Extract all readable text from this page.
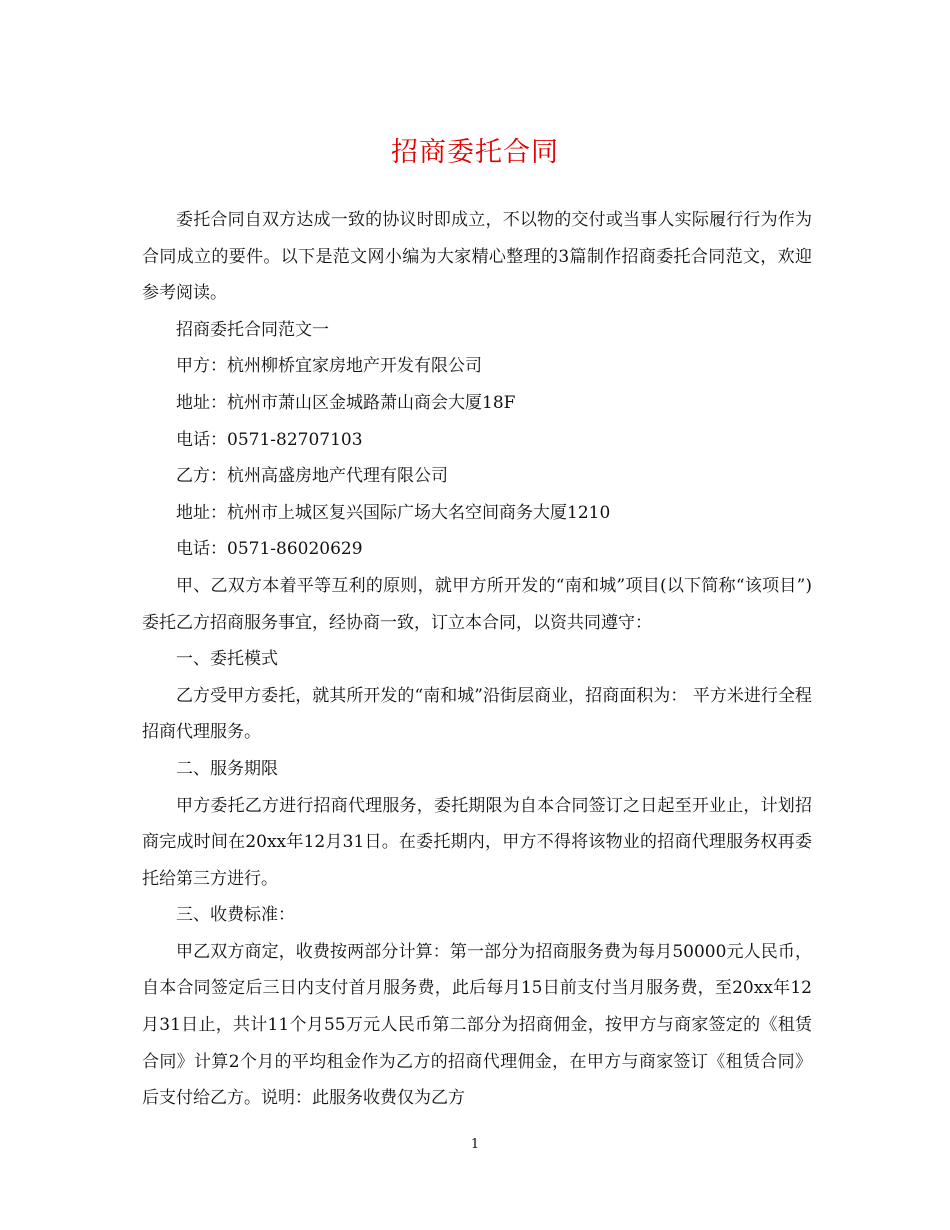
招商委托合同

委托合同自双方达成一致的协议时即成立，不以物的交付或当事人实际履行行为作为合同成立的要件。以下是范文网小编为大家精心整理的3篇制作招商委托合同范文，欢迎参考阅读。

招商委托合同范文一

甲方：杭州柳桥宜家房地产开发有限公司

地址：杭州市萧山区金城路萧山商会大厦18F

电话：0571-82707103

乙方：杭州高盛房地产代理有限公司

地址：杭州市上城区复兴国际广场大名空间商务大厦1210

电话：0571-86020629

甲、乙双方本着平等互利的原则，就甲方所开发的“南和城”项目(以下简称“该项目”)委托乙方招商服务事宜，经协商一致，订立本合同，以资共同遵守：

一、委托模式

乙方受甲方委托，就其所开发的“南和城”沿街层商业，招商面积为： 平方米进行全程招商代理服务。

二、服务期限

甲方委托乙方进行招商代理服务，委托期限为自本合同签订之日起至开业止，计划招商完成时间在20xx年12月31日。在委托期内，甲方不得将该物业的招商代理服务权再委托给第三方进行。

三、收费标准：

甲乙双方商定，收费按两部分计算：第一部分为招商服务费为每月50000元人民币，自本合同签定后三日内支付首月服务费，此后每月15日前支付当月服务费，至20xx年12月31日止，共计11个月55万元人民币第二部分为招商佣金，按甲方与商家签定的《租赁合同》计算2个月的平均租金作为乙方的招商代理佣金，在甲方与商家签订《租赁合同》后支付给乙方。说明：此服务收费仅为乙方

1
